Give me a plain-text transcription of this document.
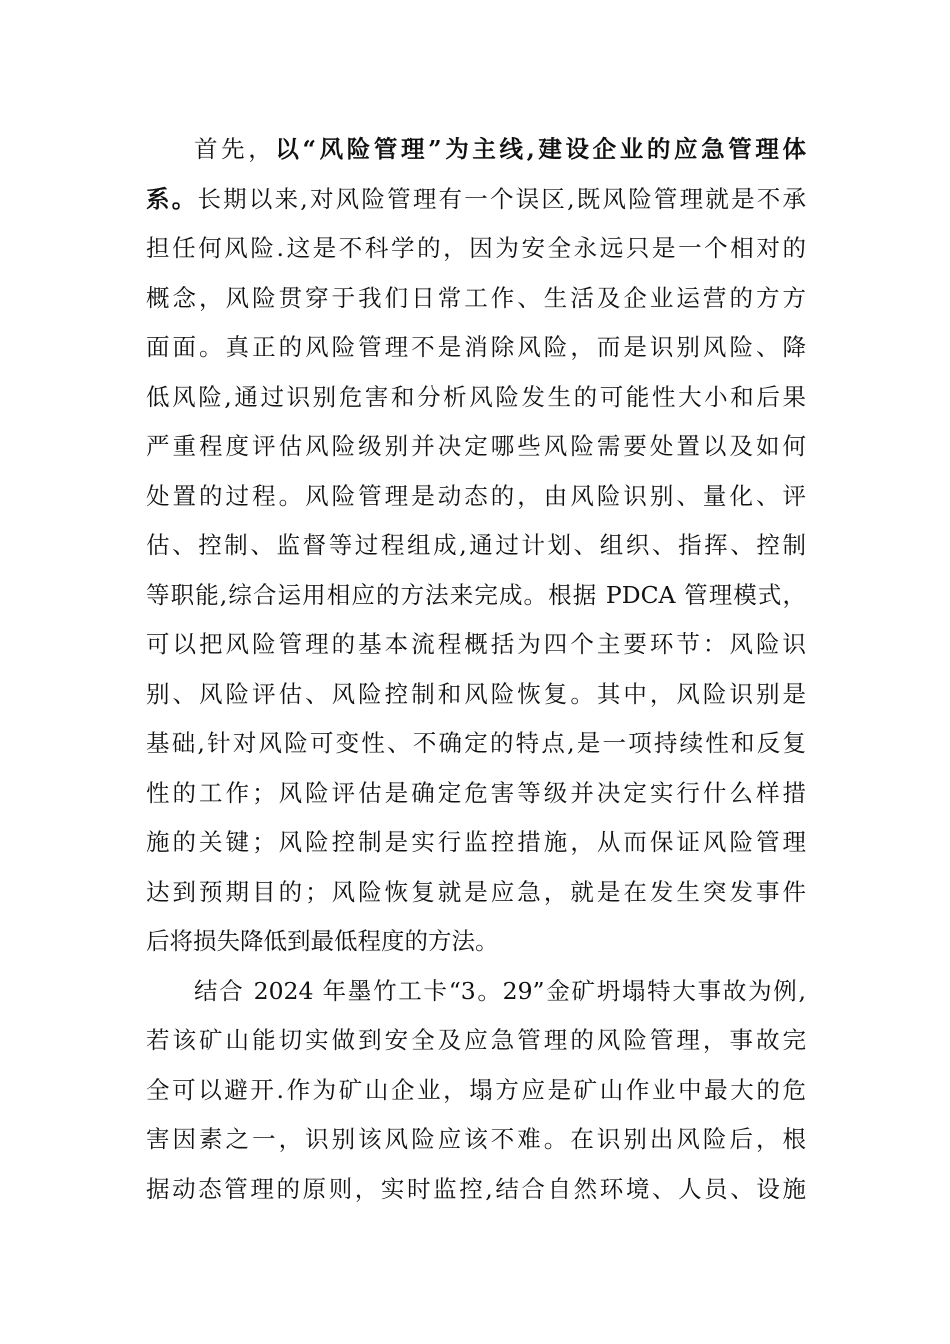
首先，以“风险管理”为主线,建设企业的应急管理体
系。长期以来,对风险管理有一个误区,既风险管理就是不承
担任何风险.这是不科学的，因为安全永远只是一个相对的
概念，风险贯穿于我们日常工作、生活及企业运营的方方
面面。真正的风险管理不是消除风险，而是识别风险、降
低风险,通过识别危害和分析风险发生的可能性大小和后果
严重程度评估风险级别并决定哪些风险需要处置以及如何
处置的过程。风险管理是动态的，由风险识别、量化、评
估、控制、监督等过程组成,通过计划、组织、指挥、控制
等职能,综合运用相应的方法来完成。根据 PDCA 管理模式，
可以把风险管理的基本流程概括为四个主要环节：风险识
别、风险评估、风险控制和风险恢复。其中，风险识别是
基础,针对风险可变性、不确定的特点,是一项持续性和反复
性的工作；风险评估是确定危害等级并决定实行什么样措
施的关键；风险控制是实行监控措施，从而保证风险管理
达到预期目的；风险恢复就是应急，就是在发生突发事件
后将损失降低到最低程度的方法。
结合 2024 年墨竹工卡“3。29”金矿坍塌特大事故为例,
若该矿山能切实做到安全及应急管理的风险管理，事故完
全可以避开.作为矿山企业，塌方应是矿山作业中最大的危
害因素之一，识别该风险应该不难。在识别出风险后，根
据动态管理的原则，实时监控,结合自然环境、人员、设施
